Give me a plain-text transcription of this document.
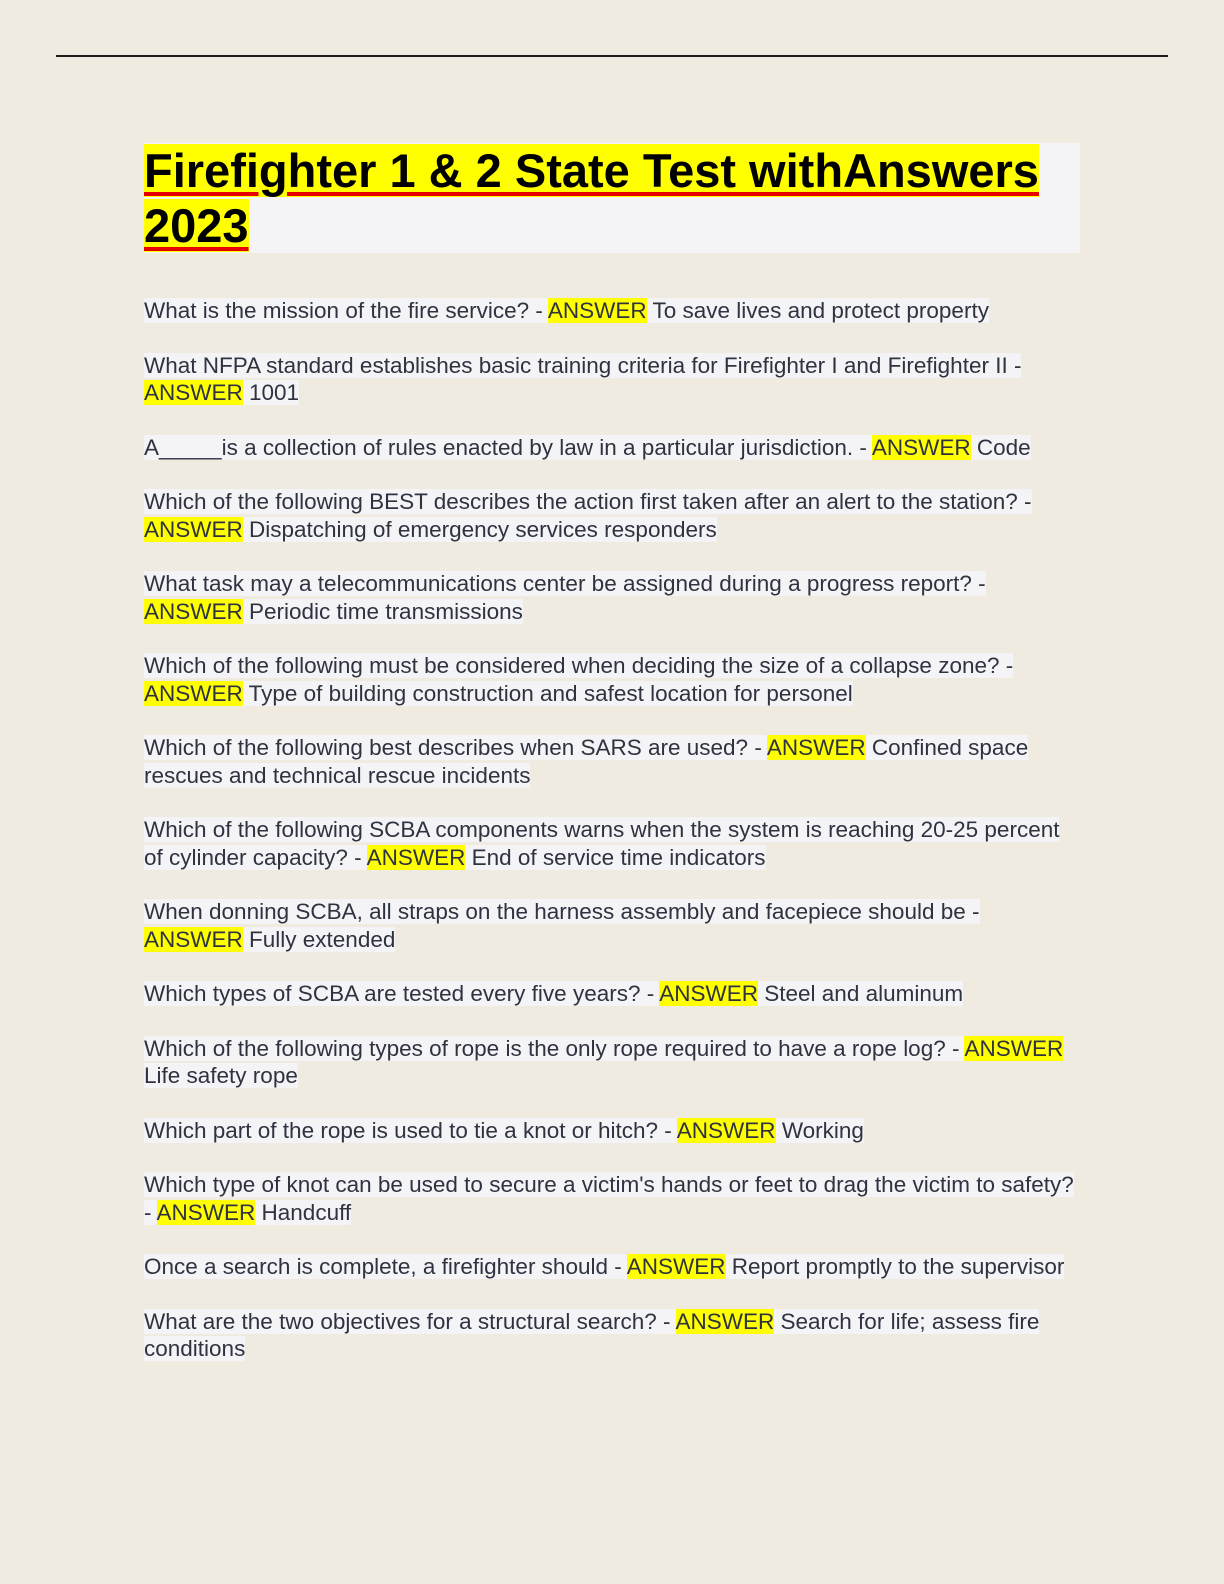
Firefighter 1 & 2 State Test withAnswers 2023

What is the mission of the fire service? - ANSWER To save lives and protect property

What NFPA standard establishes basic training criteria for Firefighter I and Firefighter II - ANSWER 1001

A_____is a collection of rules enacted by law in a particular jurisdiction. - ANSWER Code

Which of the following BEST describes the action first taken after an alert to the station? - ANSWER Dispatching of emergency services responders

What task may a telecommunications center be assigned during a progress report? - ANSWER Periodic time transmissions

Which of the following must be considered when deciding the size of a collapse zone? - ANSWER Type of building construction and safest location for personel

Which of the following best describes when SARS are used? - ANSWER Confined space rescues and technical rescue incidents

Which of the following SCBA components warns when the system is reaching 20-25 percent of cylinder capacity? - ANSWER End of service time indicators

When donning SCBA, all straps on the harness assembly and facepiece should be - ANSWER Fully extended

Which types of SCBA are tested every five years? - ANSWER Steel and aluminum

Which of the following types of rope is the only rope required to have a rope log? - ANSWER Life safety rope

Which part of the rope is used to tie a knot or hitch? - ANSWER Working

Which type of knot can be used to secure a victim's hands or feet to drag the victim to safety? - ANSWER Handcuff

Once a search is complete, a firefighter should - ANSWER Report promptly to the supervisor

What are the two objectives for a structural search? - ANSWER Search for life; assess fire conditions
